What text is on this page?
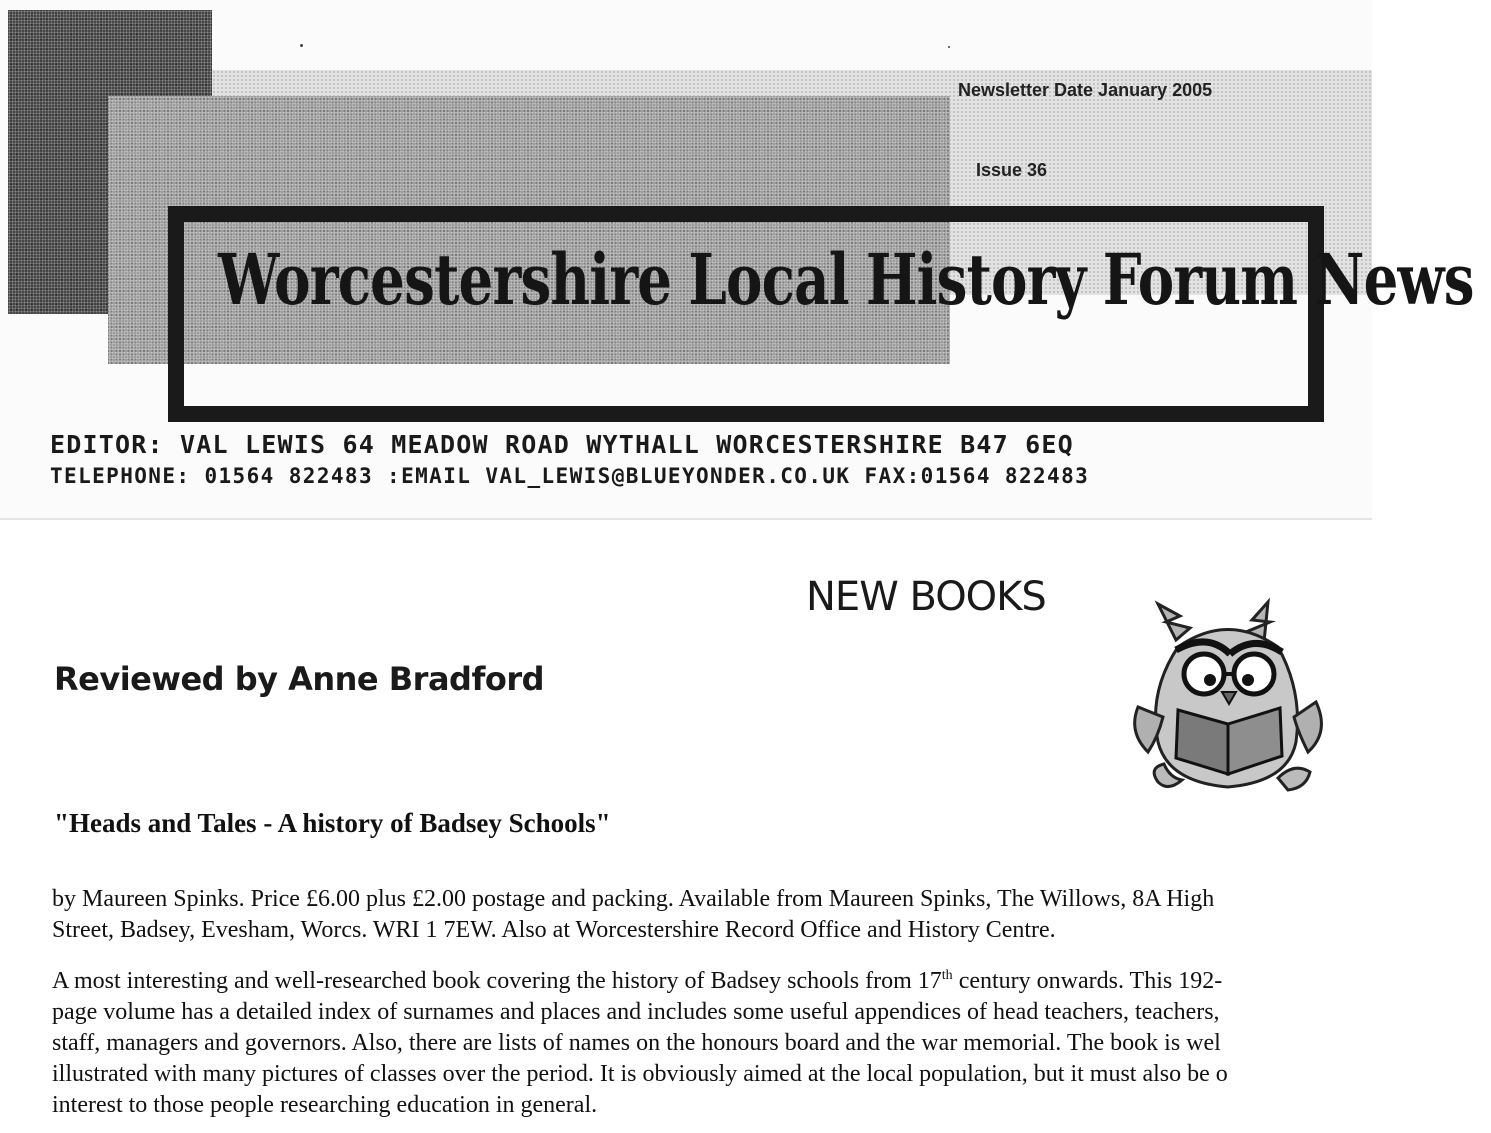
Worcestershire Local History Forum News
Newsletter Date January 2005
Issue 36
EDITOR: VAL LEWIS 64 MEADOW ROAD WYTHALL WORCESTERSHIRE B47 6EQ
TELEPHONE: 01564 822483 :EMAIL VAL_LEWIS@BLUEYONDER.CO.UK FAX:01564 822483
NEW BOOKS
Reviewed by Anne Bradford
"Heads and Tales - A history of Badsey Schools"
by Maureen Spinks. Price £6.00 plus £2.00 postage and packing. Available from Maureen Spinks, The Willows, 8A High
Street, Badsey, Evesham, Worcs. WRI 1 7EW. Also at Worcestershire Record Office and History Centre.
A most interesting and well-researched book covering the history of Badsey schools from 17th century onwards. This 192-
page volume has a detailed index of surnames and places and includes some useful appendices of head teachers, teachers,
staff, managers and governors. Also, there are lists of names on the honours board and the war memorial. The book is wel
illustrated with many pictures of classes over the period. It is obviously aimed at the local population, but it must also be o
interest to those people researching education in general.
